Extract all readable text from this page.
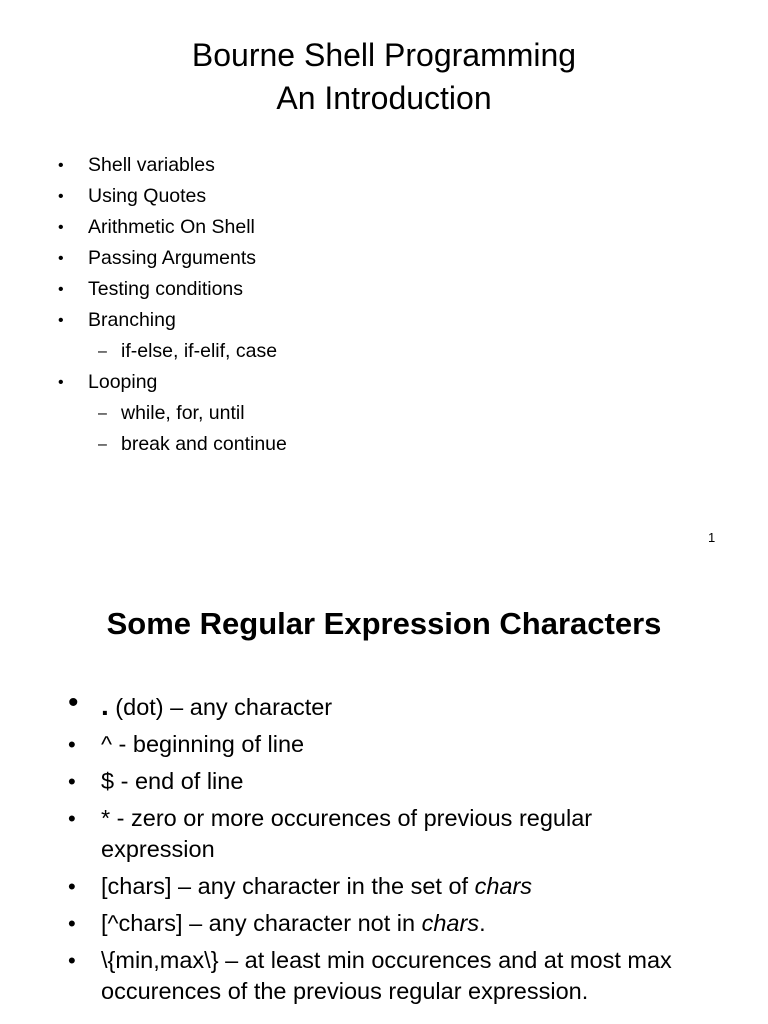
Bourne Shell Programming
An Introduction
•	Shell variables
•	Using Quotes
•	Arithmetic On Shell
•	Passing Arguments
•	Testing conditions
•	Branching
– if-else, if-elif, case
•	Looping
– while, for, until
– break and continue
1
Some Regular Expression Characters
• . (dot) – any character
• ^ - beginning of line
• $ - end of line
• * - zero or more occurences of previous regular expression
• [chars] – any character in the set of chars
• [^chars] – any character not in chars.
• \{min,max\} – at least min occurences and at most max occurences of the previous regular expression.
